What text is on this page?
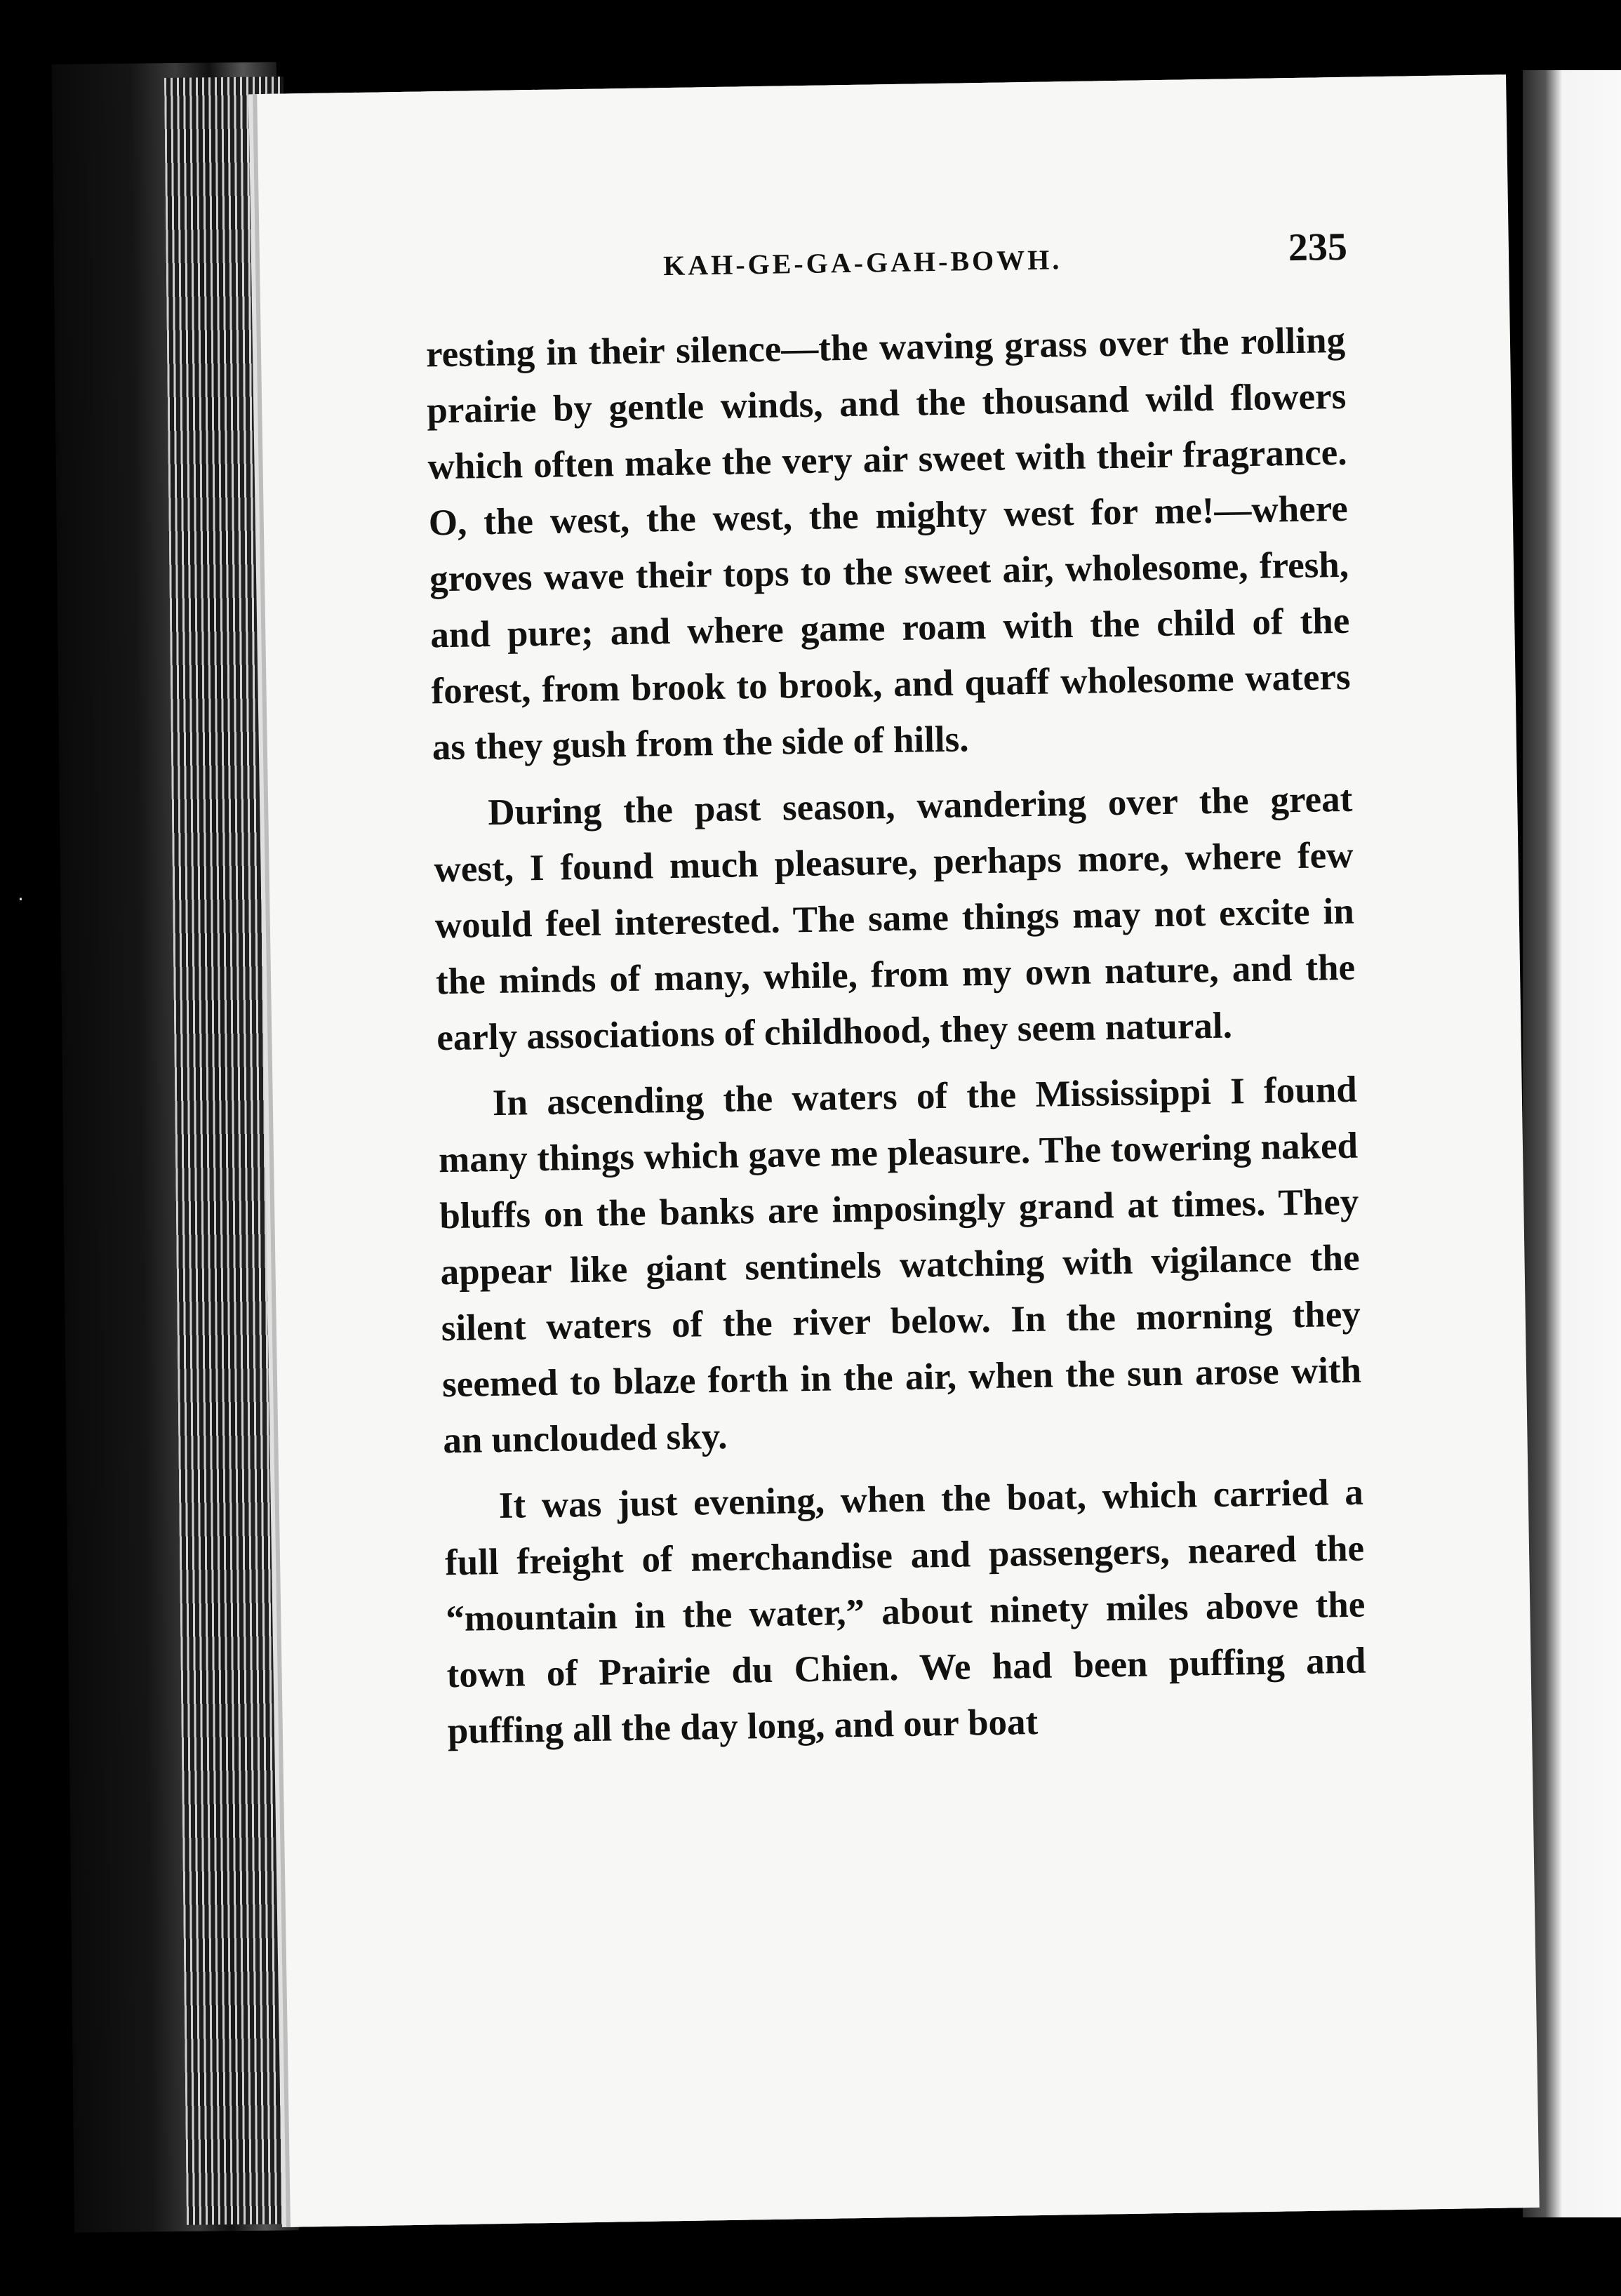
·
KAH-GE-GA-GAH-BOWH.	235

resting in their silence—the waving grass over the rolling prairie by gentle winds, and the thousand wild flowers which often make the very air sweet with their fragrance. O, the west, the west, the mighty west for me!—where groves wave their tops to the sweet air, wholesome, fresh, and pure; and where game roam with the child of the forest, from brook to brook, and quaff wholesome waters as they gush from the side of hills.

During the past season, wandering over the great west, I found much pleasure, perhaps more, where few would feel interested. The same things may not excite in the minds of many, while, from my own nature, and the early associations of childhood, they seem natural.

In ascending the waters of the Mississippi I found many things which gave me pleasure. The towering naked bluffs on the banks are imposingly grand at times. They appear like giant sentinels watching with vigilance the silent waters of the river below. In the morning they seemed to blaze forth in the air, when the sun arose with an unclouded sky.

It was just evening, when the boat, which carried a full freight of merchandise and passengers, neared the “mountain in the water,” about ninety miles above the town of Prairie du Chien. We had been puffing and puffing all the day long, and our boat
